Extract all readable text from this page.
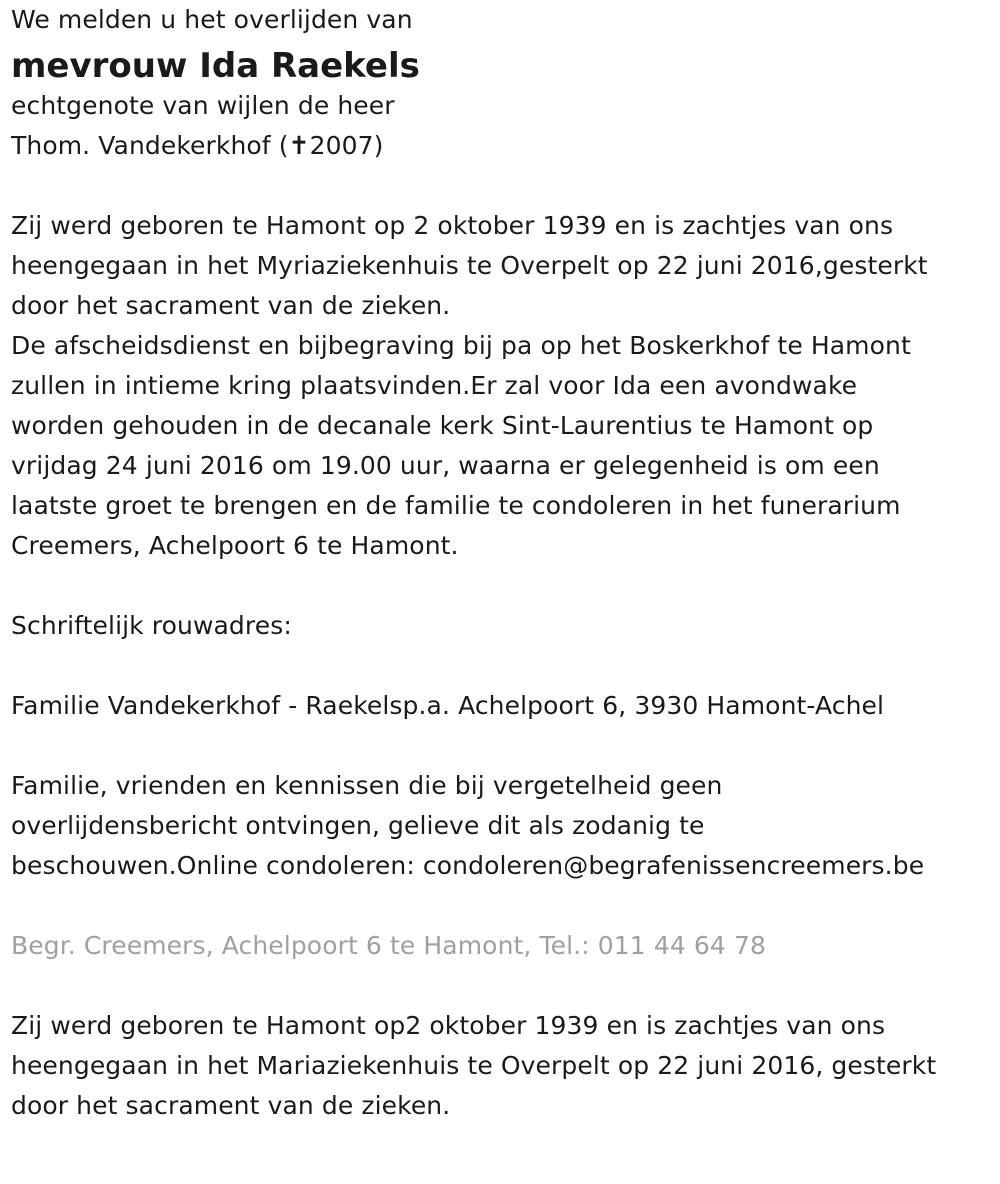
We melden u het overlijden van
mevrouw Ida Raekels
echtgenote van wijlen de heer
Thom. Vandekerkhof (✝2007)
Zij werd geboren te Hamont op 2 oktober 1939 en is zachtjes van ons
heengegaan in het Myriaziekenhuis te Overpelt op 22 juni 2016,gesterkt
door het sacrament van de zieken.
De afscheidsdienst en bijbegraving bij pa op het Boskerkhof te Hamont
zullen in intieme kring plaatsvinden.Er zal voor Ida een avondwake
worden gehouden in de decanale kerk Sint-Laurentius te Hamont op
vrijdag 24 juni 2016 om 19.00 uur, waarna er gelegenheid is om een
laatste groet te brengen en de familie te condoleren in het funerarium
Creemers, Achelpoort 6 te Hamont.
Schriftelijk rouwadres:
Familie Vandekerkhof - Raekelsp.a. Achelpoort 6, 3930 Hamont-Achel
Familie, vrienden en kennissen die bij vergetelheid geen
overlijdensbericht ontvingen, gelieve dit als zodanig te
beschouwen.Online condoleren: condoleren@begrafenissencreemers.be
Begr. Creemers, Achelpoort 6 te Hamont, Tel.: 011 44 64 78
Zij werd geboren te Hamont op2 oktober 1939 en is zachtjes van ons
heengegaan in het Mariaziekenhuis te Overpelt op 22 juni 2016, gesterkt
door het sacrament van de zieken.
